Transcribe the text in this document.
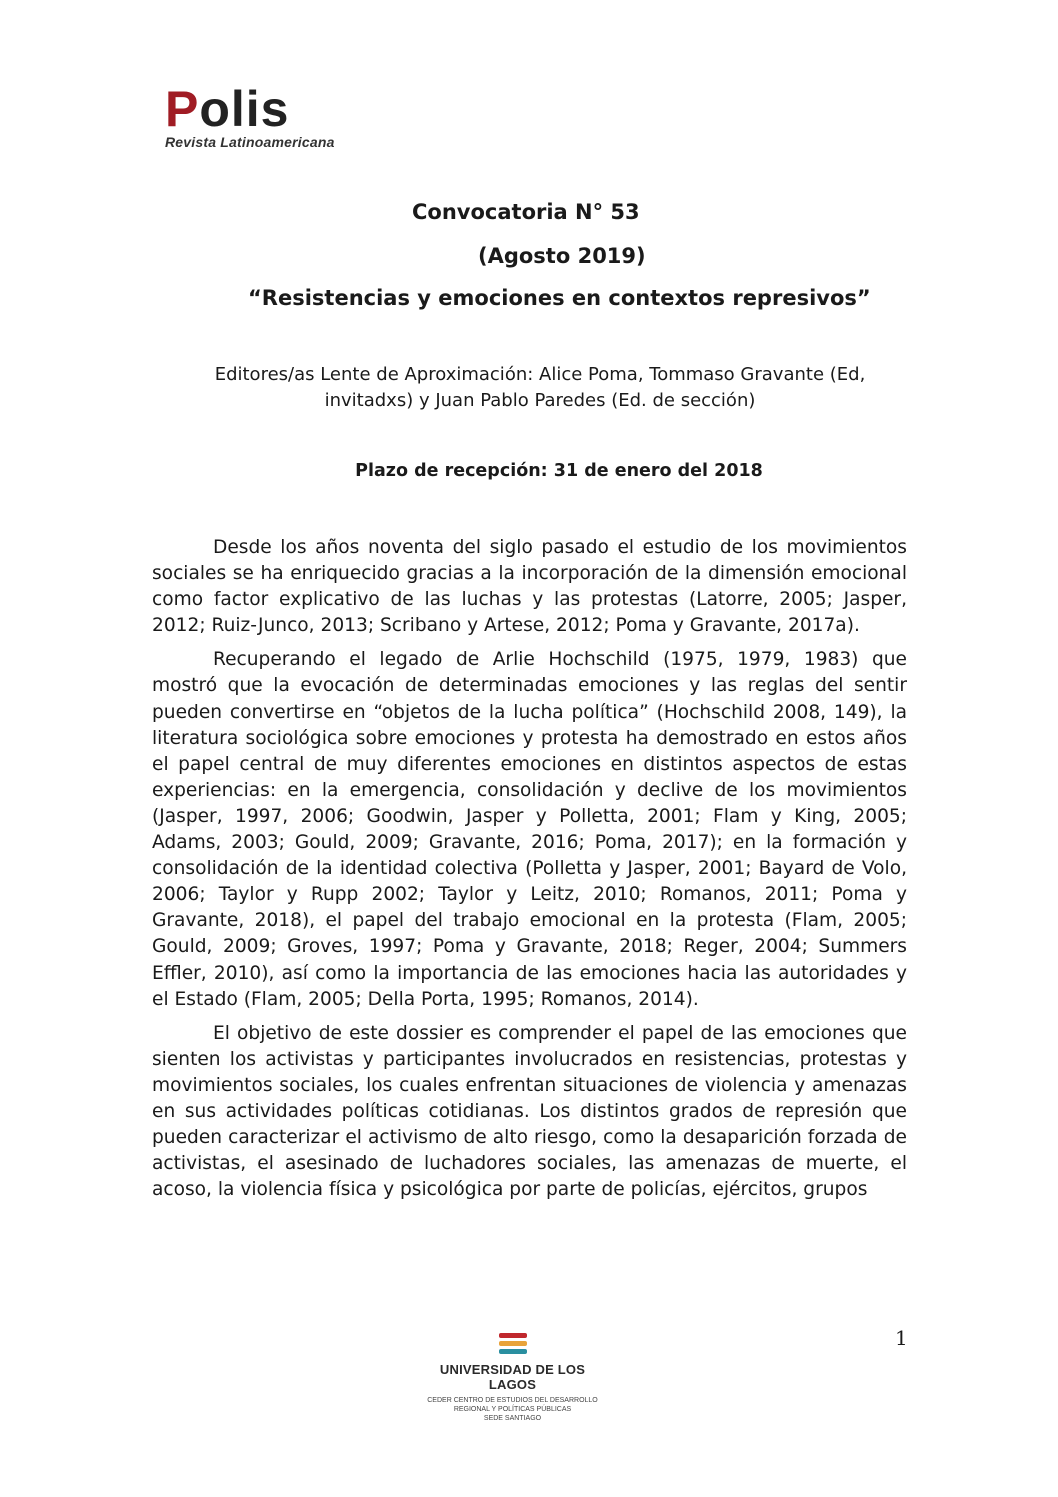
Polis
Revista Latinoamericana
Convocatoria N° 53
(Agosto 2019)
“Resistencias y emociones en contextos represivos”
Editores/as Lente de Aproximación: Alice Poma, Tommaso Gravante (Ed, invitadxs) y Juan Pablo Paredes (Ed. de sección)
Plazo de recepción: 31 de enero del 2018

Desde los años noventa del siglo pasado el estudio de los movimientos sociales se ha enriquecido gracias a la incorporación de la dimensión emocional como factor explicativo de las luchas y las protestas (Latorre, 2005; Jasper, 2012; Ruiz-Junco, 2013; Scribano y Artese, 2012; Poma y Gravante, 2017a).

Recuperando el legado de Arlie Hochschild (1975, 1979, 1983) que mostró que la evocación de determinadas emociones y las reglas del sentir pueden convertirse en “objetos de la lucha política” (Hochschild 2008, 149), la literatura sociológica sobre emociones y protesta ha demostrado en estos años el papel central de muy diferentes emociones en distintos aspectos de estas experiencias: en la emergencia, consolidación y declive de los movimientos (Jasper, 1997, 2006; Goodwin, Jasper y Polletta, 2001; Flam y King, 2005; Adams, 2003; Gould, 2009; Gravante, 2016; Poma, 2017); en la formación y consolidación de la identidad colectiva (Polletta y Jasper, 2001; Bayard de Volo, 2006; Taylor y Rupp 2002; Taylor y Leitz, 2010; Romanos, 2011; Poma y Gravante, 2018), el papel del trabajo emocional en la protesta (Flam, 2005; Gould, 2009; Groves, 1997; Poma y Gravante, 2018; Reger, 2004; Summers Effler, 2010), así como la importancia de las emociones hacia las autoridades y el Estado (Flam, 2005; Della Porta, 1995; Romanos, 2014).

El objetivo de este dossier es comprender el papel de las emociones que sienten los activistas y participantes involucrados en resistencias, protestas y movimientos sociales, los cuales enfrentan situaciones de violencia y amenazas en sus actividades políticas cotidianas. Los distintos grados de represión que pueden caracterizar el activismo de alto riesgo, como la desaparición forzada de activistas, el asesinado de luchadores sociales, las amenazas de muerte, el acoso, la violencia física y psicológica por parte de policías, ejércitos, grupos

1
UNIVERSIDAD DE LOS LAGOS
CEDER CENTRO DE ESTUDIOS DEL DESARROLLO
REGIONAL Y POLÍTICAS PÚBLICAS
SEDE SANTIAGO
